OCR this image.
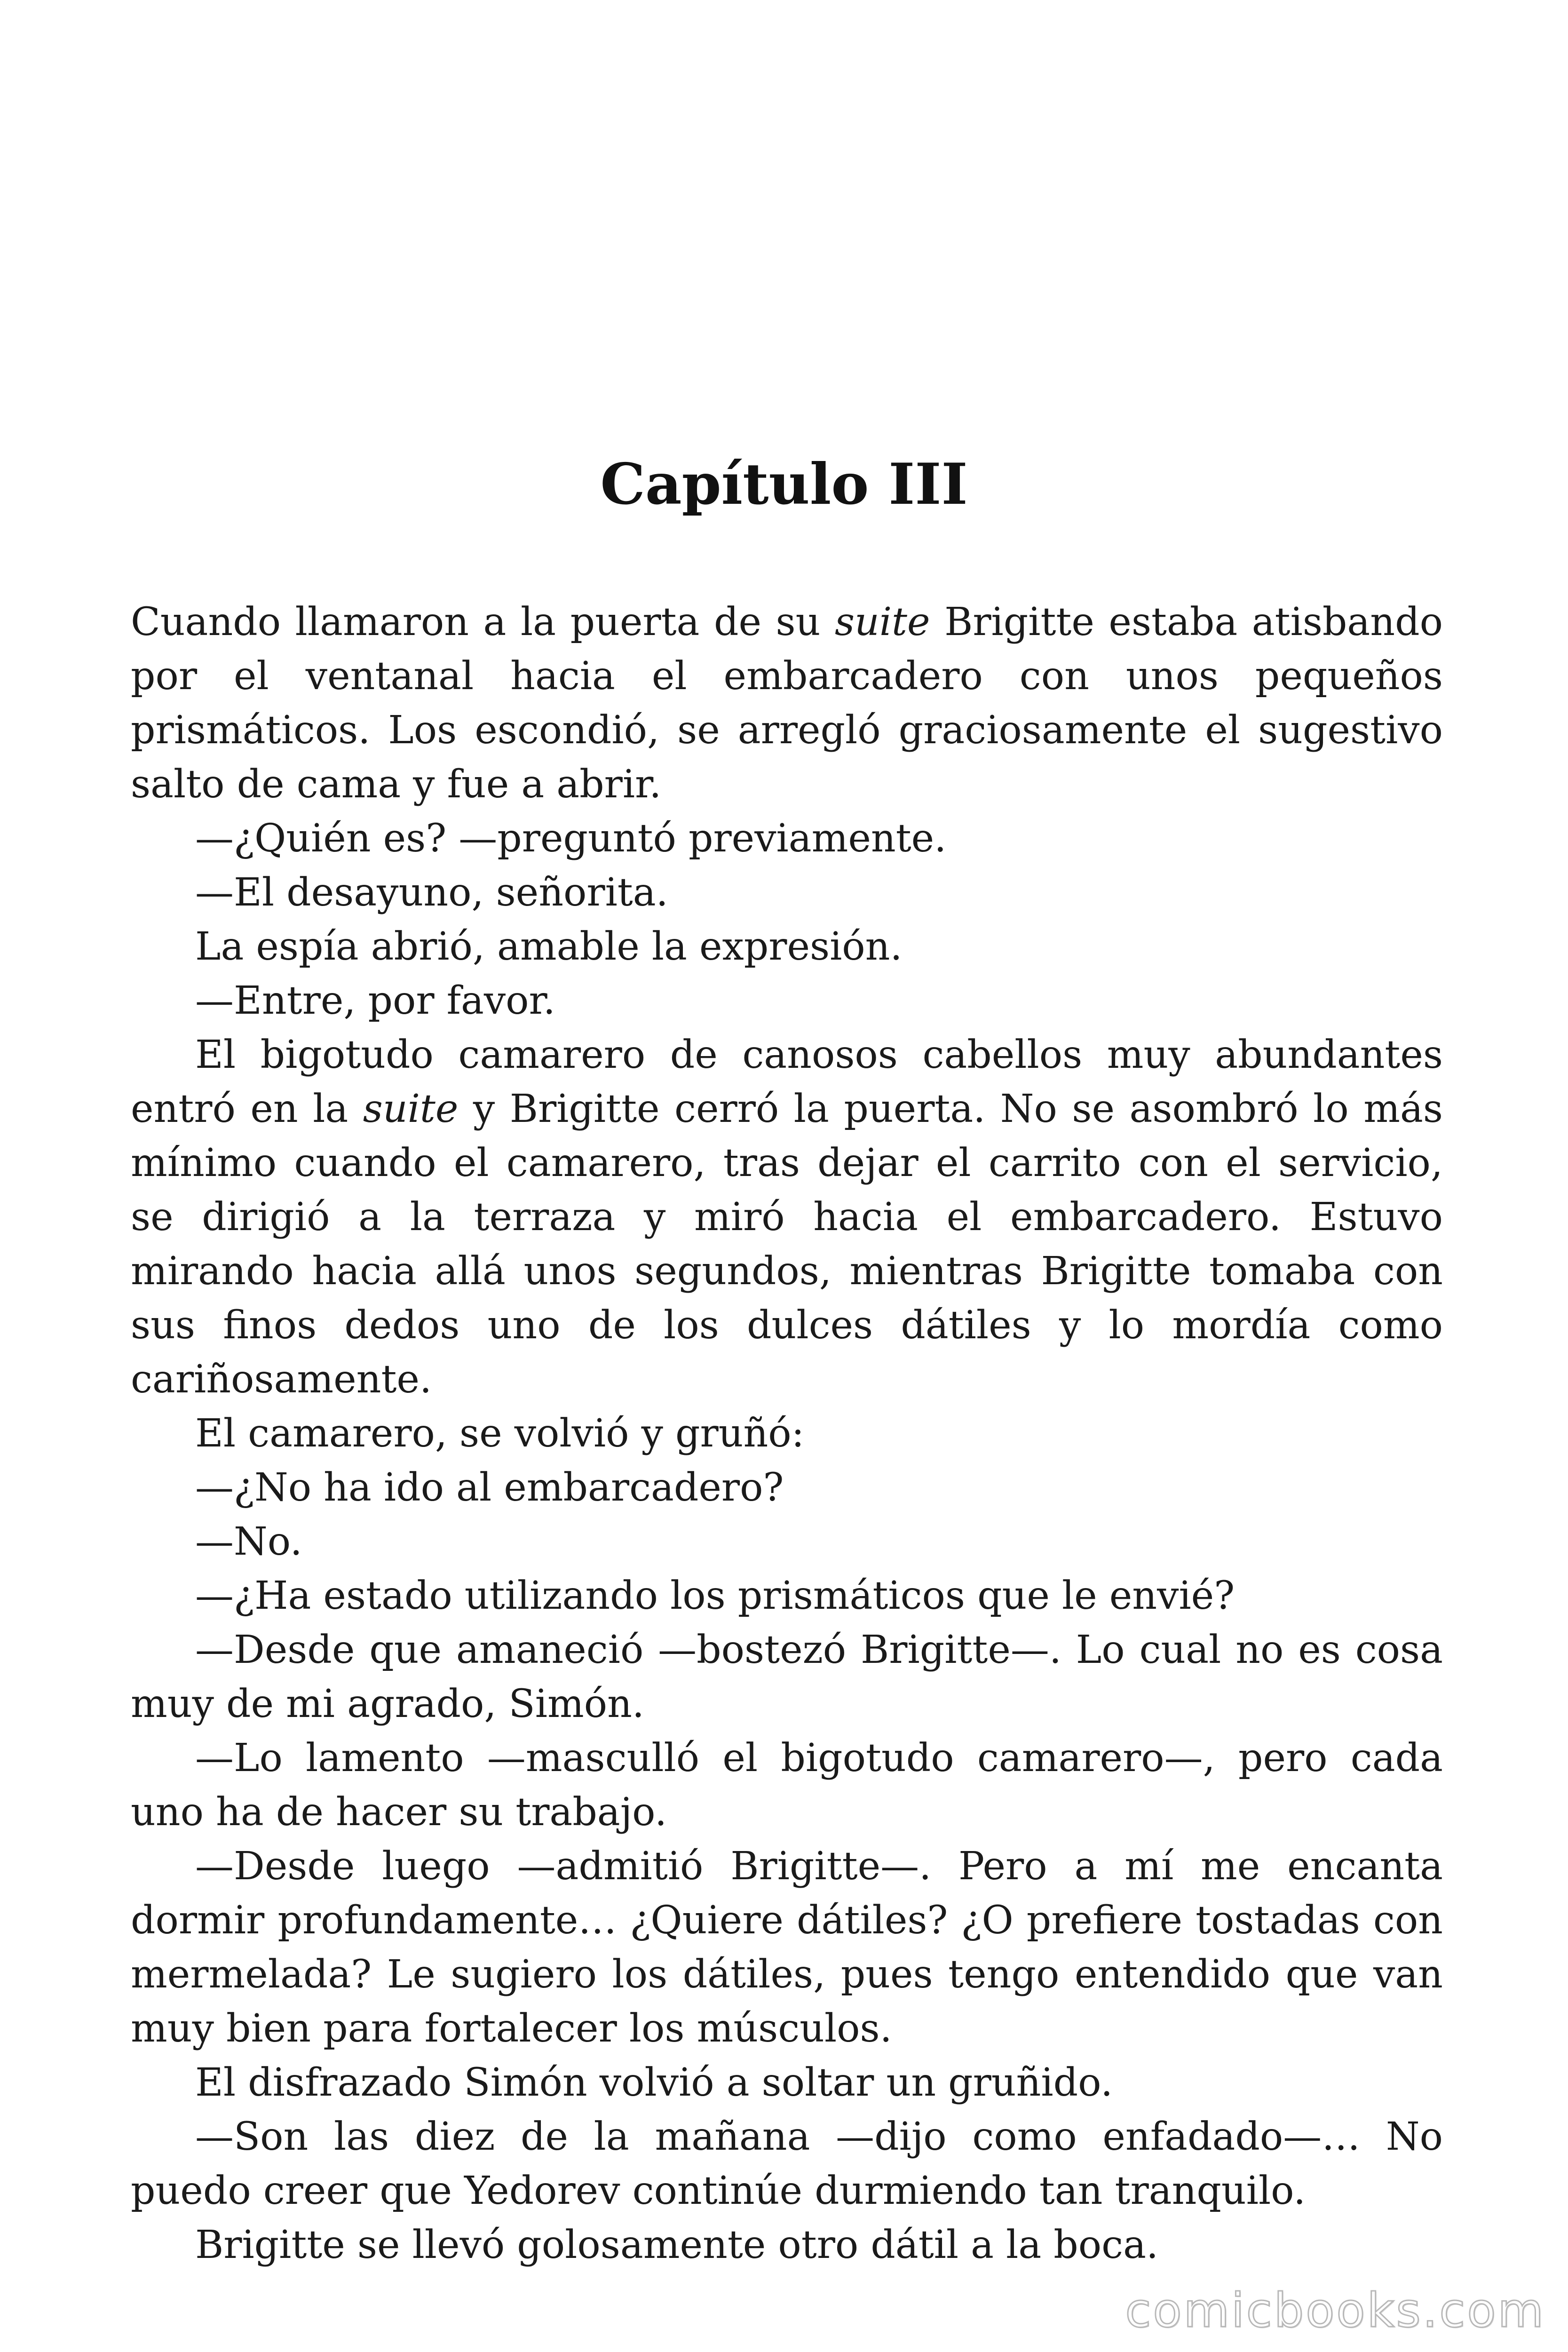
Capítulo III

Cuando llamaron a la puerta de su suite Brigitte estaba atisbando por el ventanal hacia el embarcadero con unos pequeños prismáticos. Los escondió, se arregló graciosamente el sugestivo salto de cama y fue a abrir.

—¿Quién es? —preguntó previamente.

—El desayuno, señorita.

La espía abrió, amable la expresión.

—Entre, por favor.

El bigotudo camarero de canosos cabellos muy abundantes entró en la suite y Brigitte cerró la puerta. No se asombró lo más mínimo cuando el camarero, tras dejar el carrito con el servicio, se dirigió a la terraza y miró hacia el embarcadero. Estuvo mirando hacia allá unos segundos, mientras Brigitte tomaba con sus finos dedos uno de los dulces dátiles y lo mordía como cariñosamente.

El camarero, se volvió y gruñó:

—¿No ha ido al embarcadero?

—No.

—¿Ha estado utilizando los prismáticos que le envié?

—Desde que amaneció —bostezó Brigitte—. Lo cual no es cosa muy de mi agrado, Simón.

—Lo lamento —masculló el bigotudo camarero—, pero cada uno ha de hacer su trabajo.

—Desde luego —admitió Brigitte—. Pero a mí me encanta dormir profundamente… ¿Quiere dátiles? ¿O prefiere tostadas con mermelada? Le sugiero los dátiles, pues tengo entendido que van muy bien para fortalecer los músculos.

El disfrazado Simón volvió a soltar un gruñido.

—Son las diez de la mañana —dijo como enfadado—… No puedo creer que Yedorev continúe durmiendo tan tranquilo.

Brigitte se llevó golosamente otro dátil a la boca.

comicbooks.com
